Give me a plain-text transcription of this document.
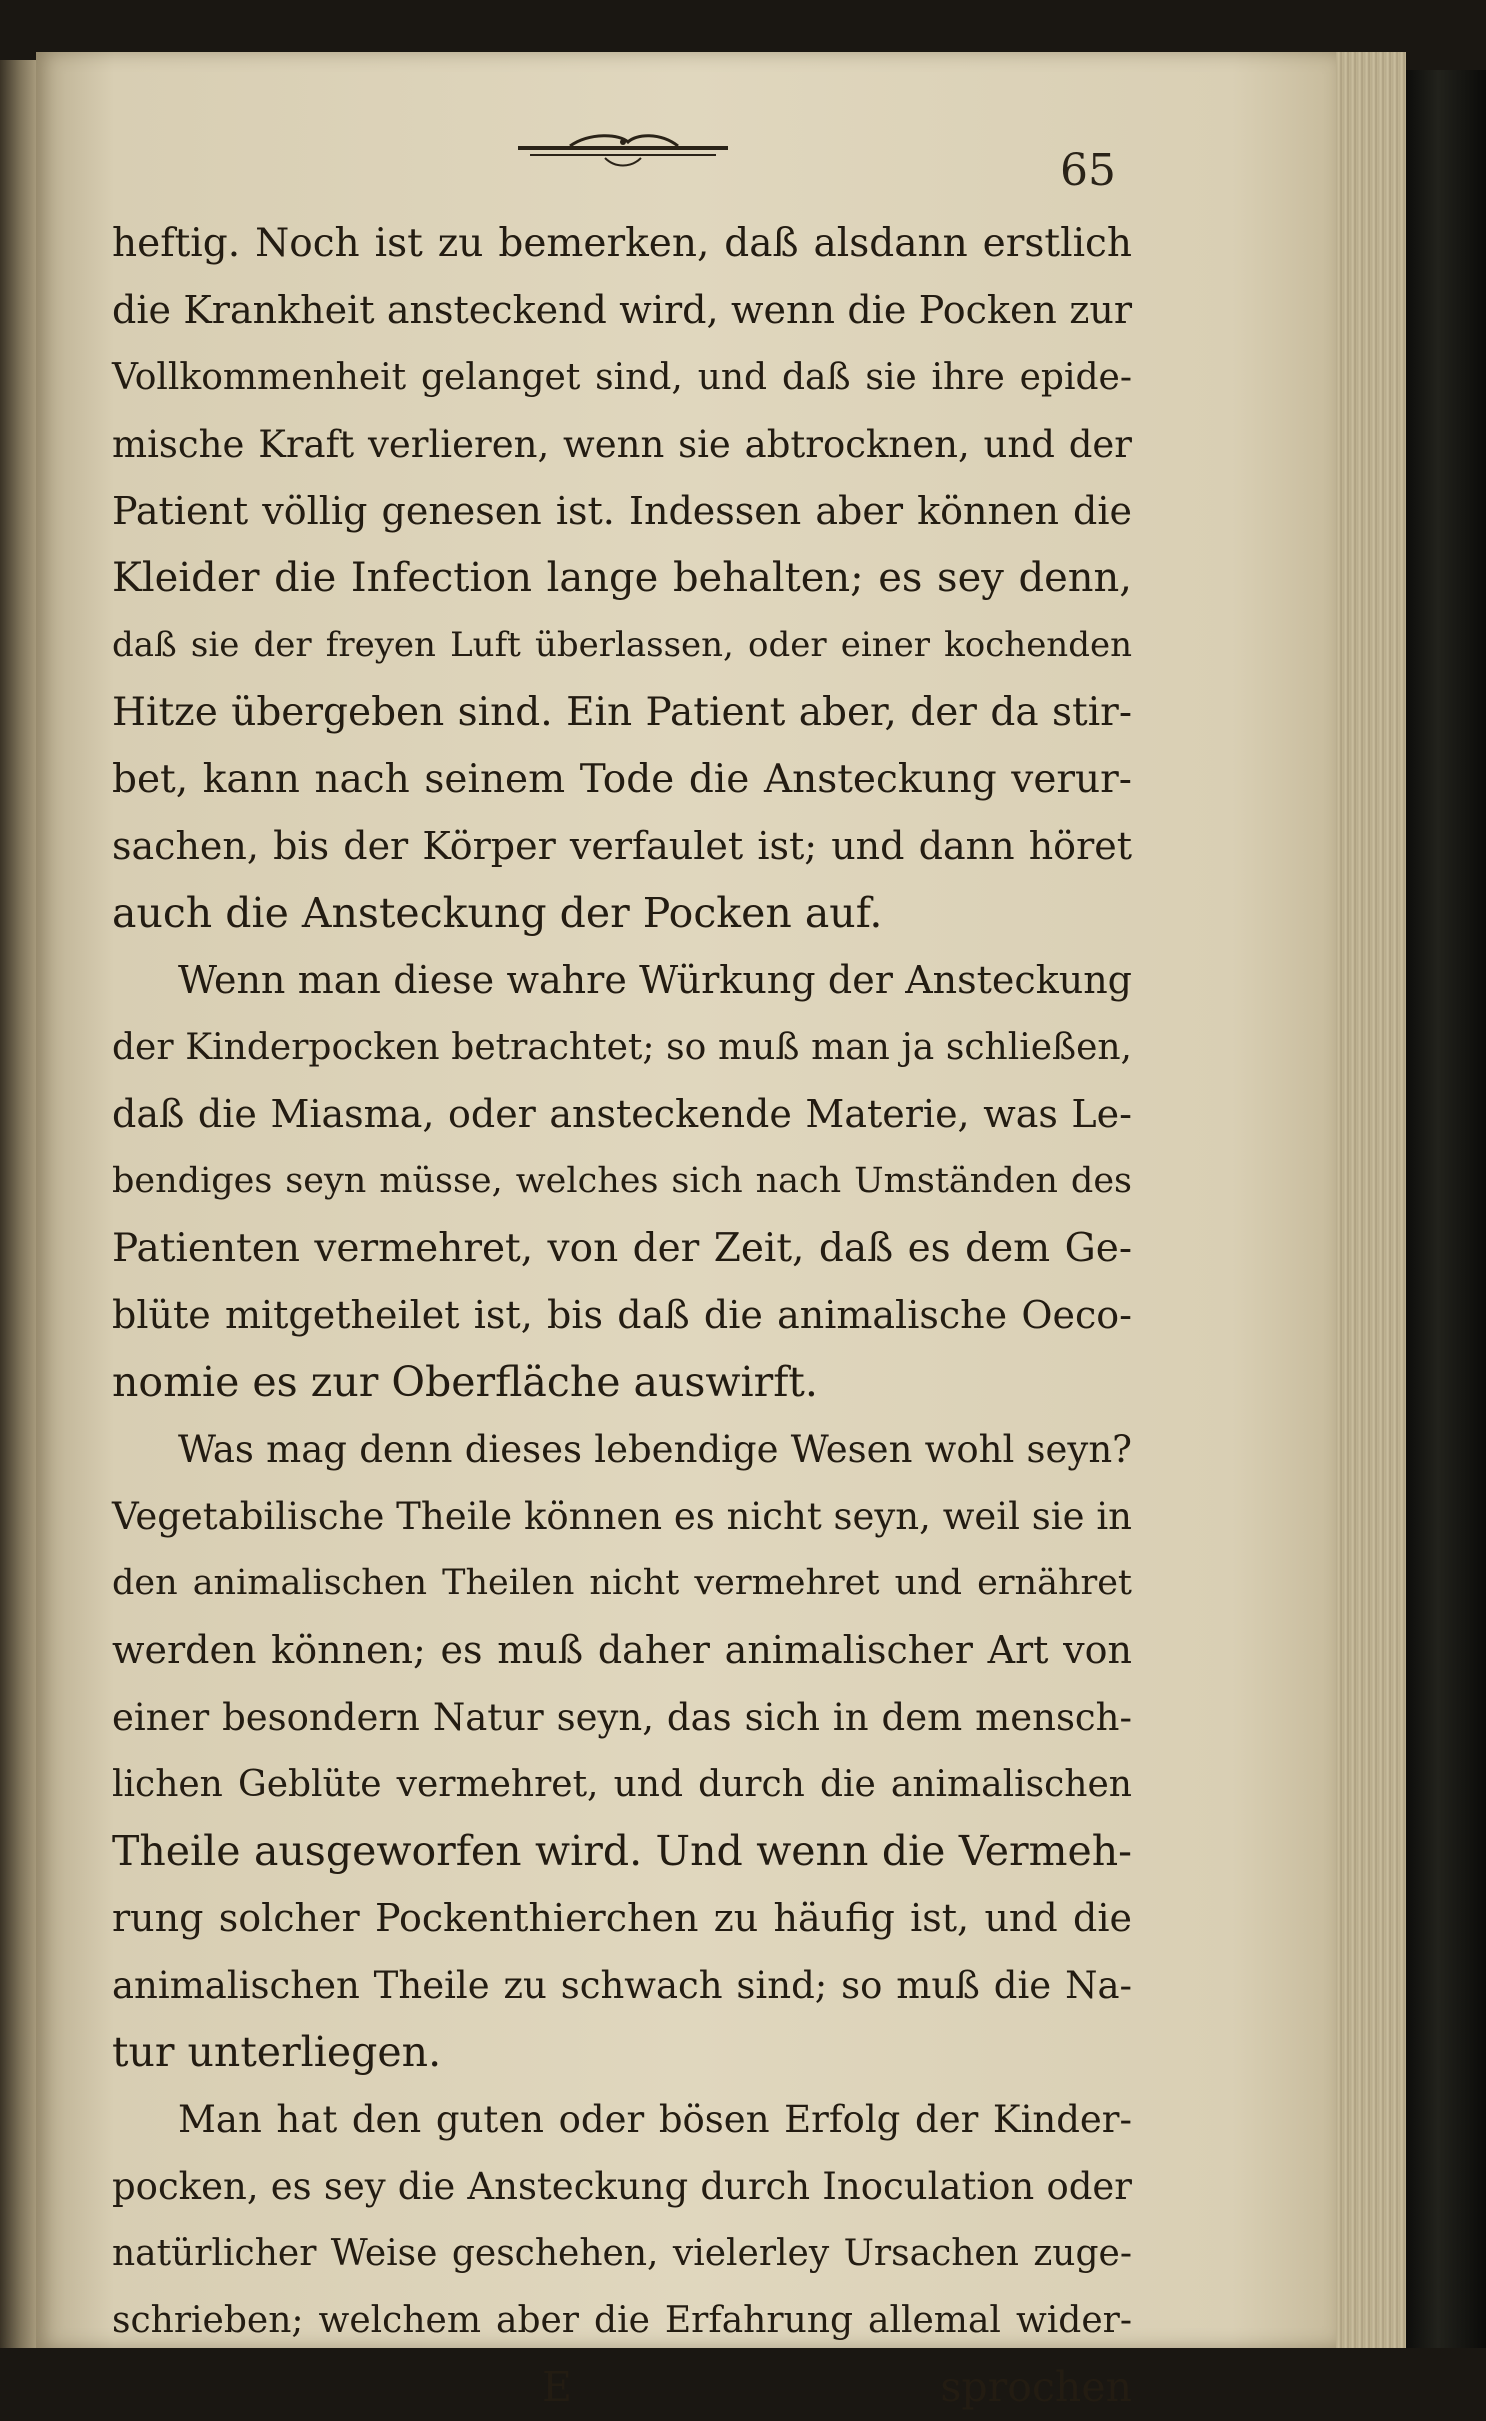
65
heftig. Noch ist zu bemerken, daß alsdann erstlich
die Krankheit ansteckend wird, wenn die Pocken zur
Vollkommenheit gelanget sind, und daß sie ihre epide-
mische Kraft verlieren, wenn sie abtrocknen, und der
Patient völlig genesen ist. Indessen aber können die
Kleider die Infection lange behalten; es sey denn,
daß sie der freyen Luft überlassen, oder einer kochenden
Hitze übergeben sind. Ein Patient aber, der da stir-
bet, kann nach seinem Tode die Ansteckung verur-
sachen, bis der Körper verfaulet ist; und dann höret
auch die Ansteckung der Pocken auf.
Wenn man diese wahre Würkung der Ansteckung
der Kinderpocken betrachtet; so muß man ja schließen,
daß die Miasma, oder ansteckende Materie, was Le-
bendiges seyn müsse, welches sich nach Umständen des
Patienten vermehret, von der Zeit, daß es dem Ge-
blüte mitgetheilet ist, bis daß die animalische Oeco-
nomie es zur Oberfläche auswirft.
Was mag denn dieses lebendige Wesen wohl seyn?
Vegetabilische Theile können es nicht seyn, weil sie in
den animalischen Theilen nicht vermehret und ernähret
werden können; es muß daher animalischer Art von
einer besondern Natur seyn, das sich in dem mensch-
lichen Geblüte vermehret, und durch die animalischen
Theile ausgeworfen wird. Und wenn die Vermeh-
rung solcher Pockenthierchen zu häufig ist, und die
animalischen Theile zu schwach sind; so muß die Na-
tur unterliegen.
Man hat den guten oder bösen Erfolg der Kinder-
pocken, es sey die Ansteckung durch Inoculation oder
natürlicher Weise geschehen, vielerley Ursachen zuge-
schrieben; welchem aber die Erfahrung allemal wider-
E	sprochen
